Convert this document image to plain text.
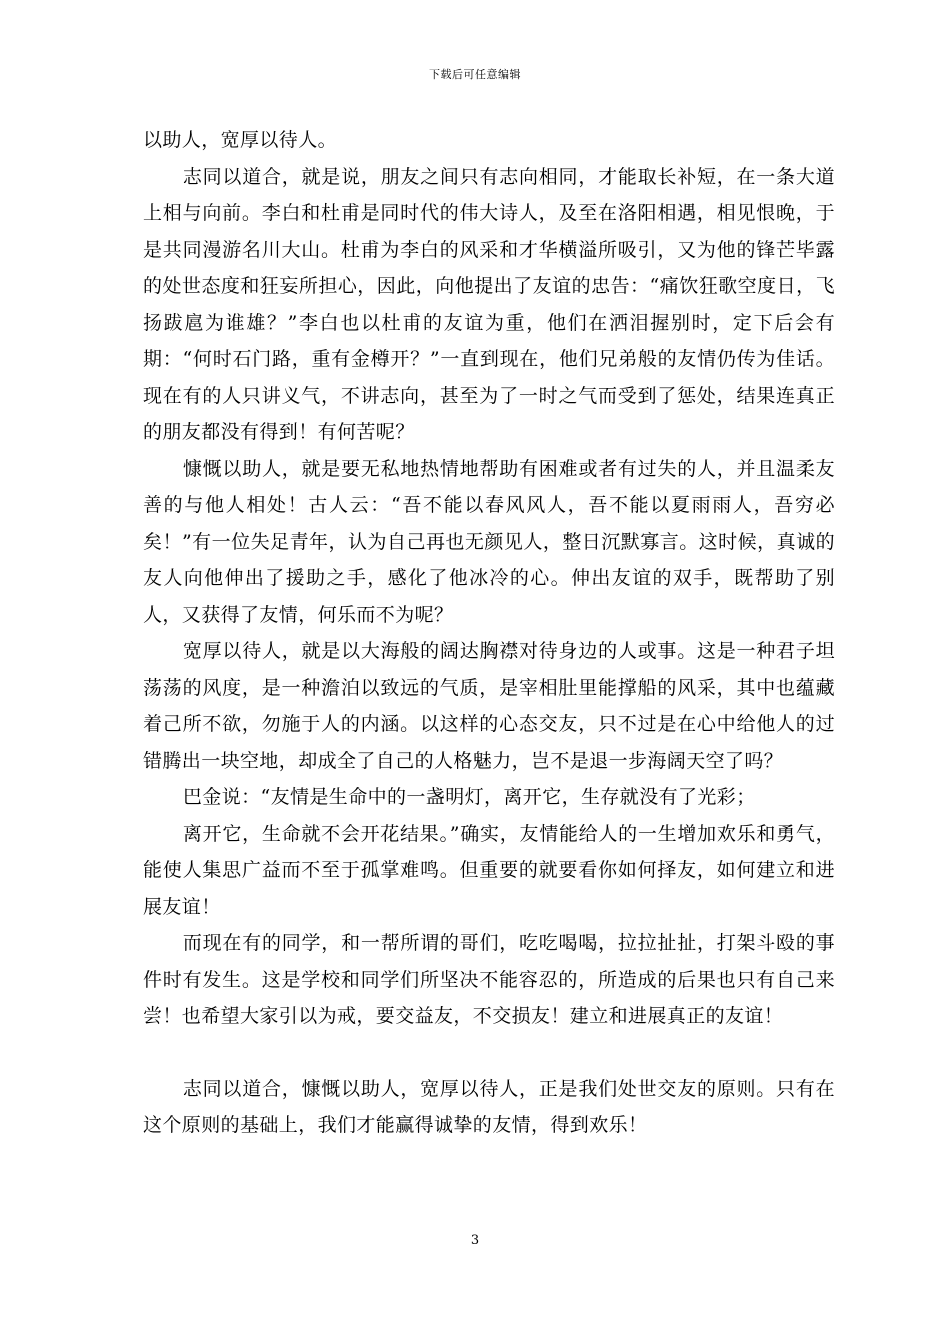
下载后可任意编辑

以助人，宽厚以待人。

志同以道合，就是说，朋友之间只有志向相同，才能取长补短，在一条大道上相与向前。李白和杜甫是同时代的伟大诗人，及至在洛阳相遇，相见恨晚，于是共同漫游名川大山。杜甫为李白的风采和才华横溢所吸引，又为他的锋芒毕露的处世态度和狂妄所担心，因此，向他提出了友谊的忠告：“痛饮狂歌空度日，飞扬跋扈为谁雄？”李白也以杜甫的友谊为重，他们在洒泪握别时，定下后会有期：“何时石门路，重有金樽开？”一直到现在，他们兄弟般的友情仍传为佳话。现在有的人只讲义气，不讲志向，甚至为了一时之气而受到了惩处，结果连真正的朋友都没有得到！有何苦呢？

慷慨以助人，就是要无私地热情地帮助有困难或者有过失的人，并且温柔友善的与他人相处！古人云：“吾不能以春风风人，吾不能以夏雨雨人，吾穷必矣！”有一位失足青年，认为自己再也无颜见人，整日沉默寡言。这时候，真诚的友人向他伸出了援助之手，感化了他冰冷的心。伸出友谊的双手，既帮助了别人，又获得了友情，何乐而不为呢？

宽厚以待人，就是以大海般的阔达胸襟对待身边的人或事。这是一种君子坦荡荡的风度，是一种澹泊以致远的气质，是宰相肚里能撑船的风采，其中也蕴藏着己所不欲，勿施于人的内涵。以这样的心态交友，只不过是在心中给他人的过错腾出一块空地，却成全了自己的人格魅力，岂不是退一步海阔天空了吗？

巴金说：“友情是生命中的一盏明灯，离开它，生存就没有了光彩；

离开它，生命就不会开花结果。”确实，友情能给人的一生增加欢乐和勇气，能使人集思广益而不至于孤掌难鸣。但重要的就要看你如何择友，如何建立和进展友谊！

而现在有的同学，和一帮所谓的哥们，吃吃喝喝，拉拉扯扯，打架斗殴的事件时有发生。这是学校和同学们所坚决不能容忍的，所造成的后果也只有自己来尝！也希望大家引以为戒，要交益友，不交损友！建立和进展真正的友谊！

志同以道合，慷慨以助人，宽厚以待人，正是我们处世交友的原则。只有在这个原则的基础上，我们才能赢得诚挚的友情，得到欢乐！

3
